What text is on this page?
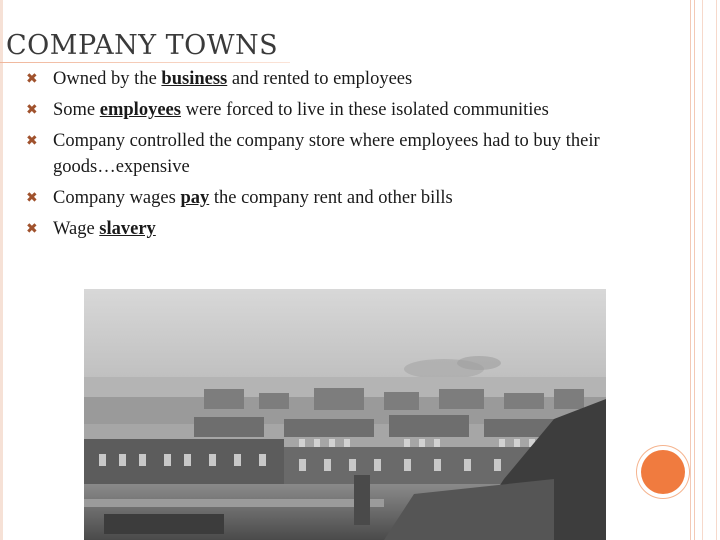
COMPANY TOWNS
✖ Owned by the business and rented to employees
✖ Some employees were forced to live in these isolated communities
✖ Company controlled the company store where employees had to buy their goods…expensive
✖ Company wages pay the company rent and other bills
✖ Wage slavery
